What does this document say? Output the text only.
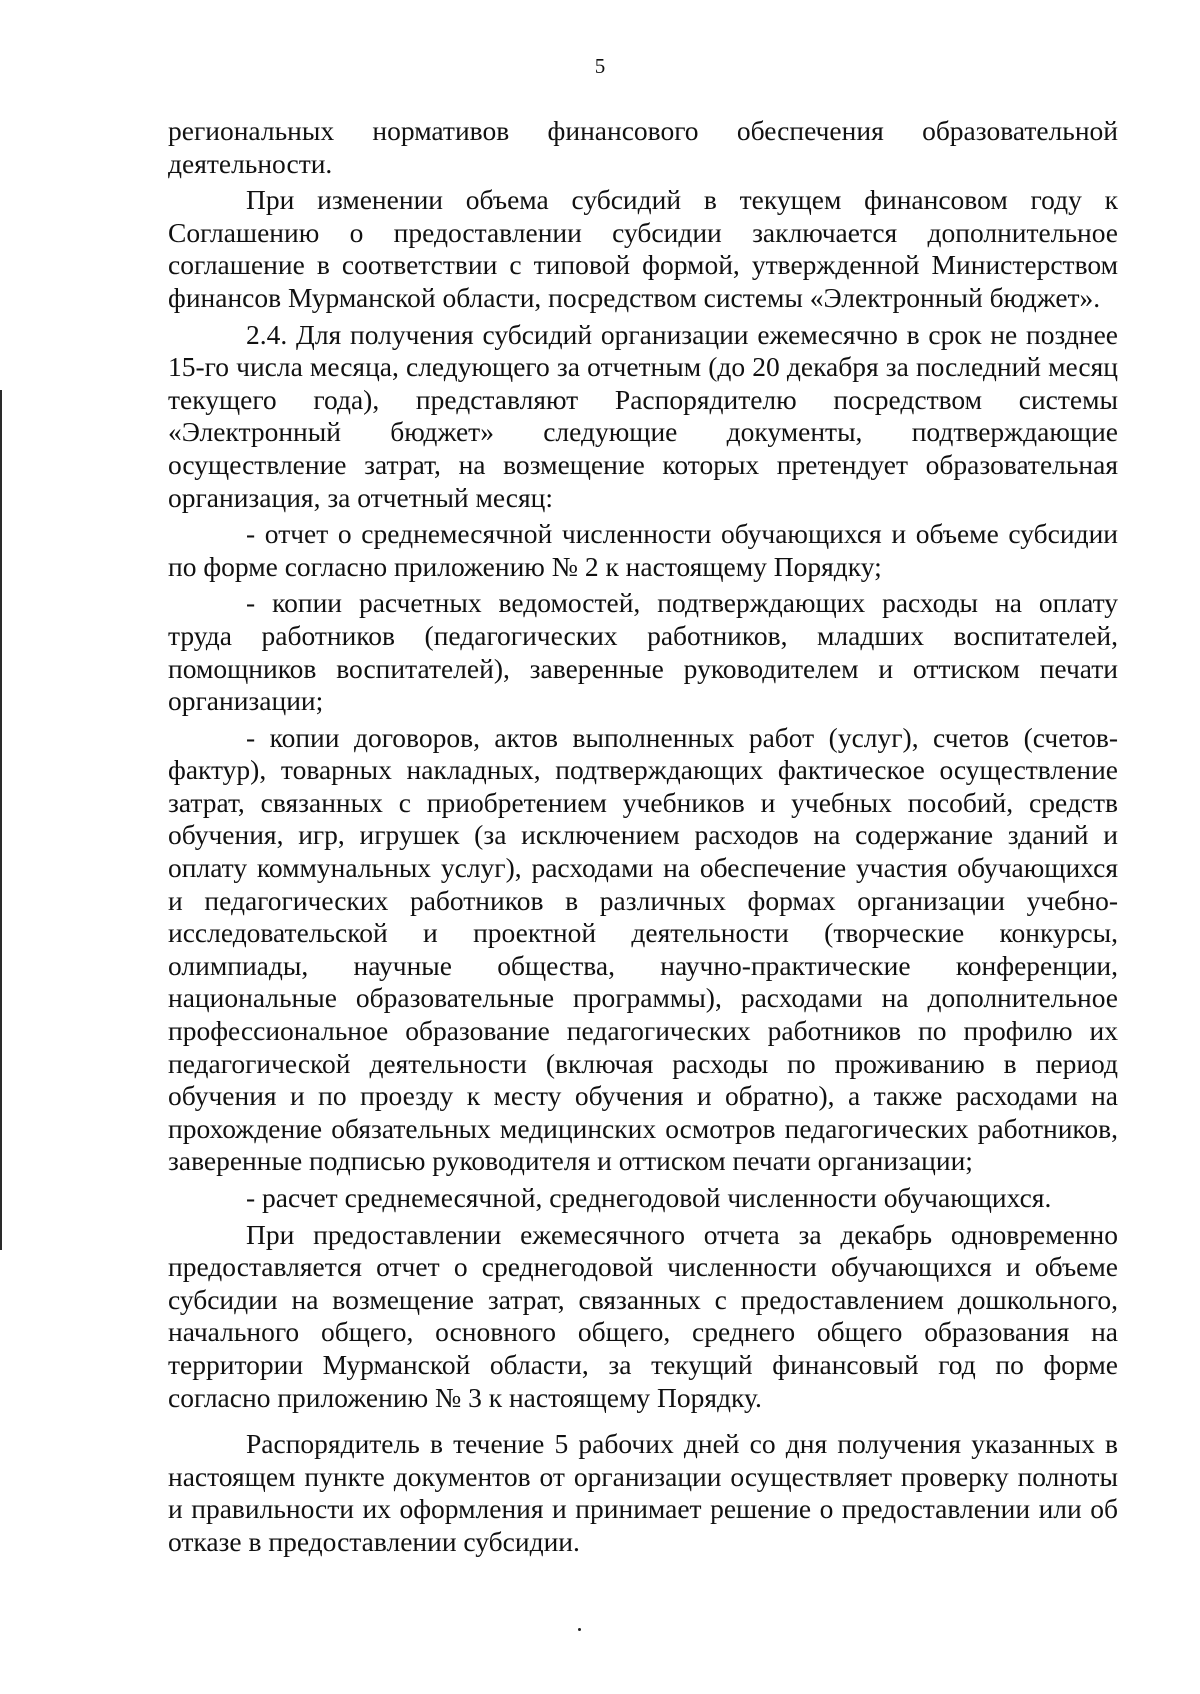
5

региональных нормативов финансового обеспечения образовательной деятельности.

При изменении объема субсидий в текущем финансовом году к Соглашению о предоставлении субсидии заключается дополнительное соглашение в соответствии с типовой формой, утвержденной Министерством финансов Мурманской области, посредством системы «Электронный бюджет».

2.4. Для получения субсидий организации ежемесячно в срок не позднее 15-го числа месяца, следующего за отчетным (до 20 декабря за последний месяц текущего года), представляют Распорядителю посредством системы «Электронный бюджет» следующие документы, подтверждающие осуществление затрат, на возмещение которых претендует образовательная организация, за отчетный месяц:

- отчет о среднемесячной численности обучающихся и объеме субсидии по форме согласно приложению № 2 к настоящему Порядку;

- копии расчетных ведомостей, подтверждающих расходы на оплату труда работников (педагогических работников, младших воспитателей, помощников воспитателей), заверенные руководителем и оттиском печати организации;

- копии договоров, актов выполненных работ (услуг), счетов (счетов-фактур), товарных накладных, подтверждающих фактическое осуществление затрат, связанных с приобретением учебников и учебных пособий, средств обучения, игр, игрушек (за исключением расходов на содержание зданий и оплату коммунальных услуг), расходами на обеспечение участия обучающихся и педагогических работников в различных формах организации учебно-исследовательской и проектной деятельности (творческие конкурсы, олимпиады, научные общества, научно-практические конференции, национальные образовательные программы), расходами на дополнительное профессиональное образование педагогических работников по профилю их педагогической деятельности (включая расходы по проживанию в период обучения и по проезду к месту обучения и обратно), а также расходами на прохождение обязательных медицинских осмотров педагогических работников, заверенные подписью руководителя и оттиском печати организации;

- расчет среднемесячной, среднегодовой численности обучающихся.

При предоставлении ежемесячного отчета за декабрь одновременно предоставляется отчет о среднегодовой численности обучающихся и объеме субсидии на возмещение затрат, связанных с предоставлением дошкольного, начального общего, основного общего, среднего общего образования на территории Мурманской области, за текущий финансовый год по форме согласно приложению № 3 к настоящему Порядку.

Распорядитель в течение 5 рабочих дней со дня получения указанных в настоящем пункте документов от организации осуществляет проверку полноты и правильности их оформления и принимает решение о предоставлении или об отказе в предоставлении субсидии.
